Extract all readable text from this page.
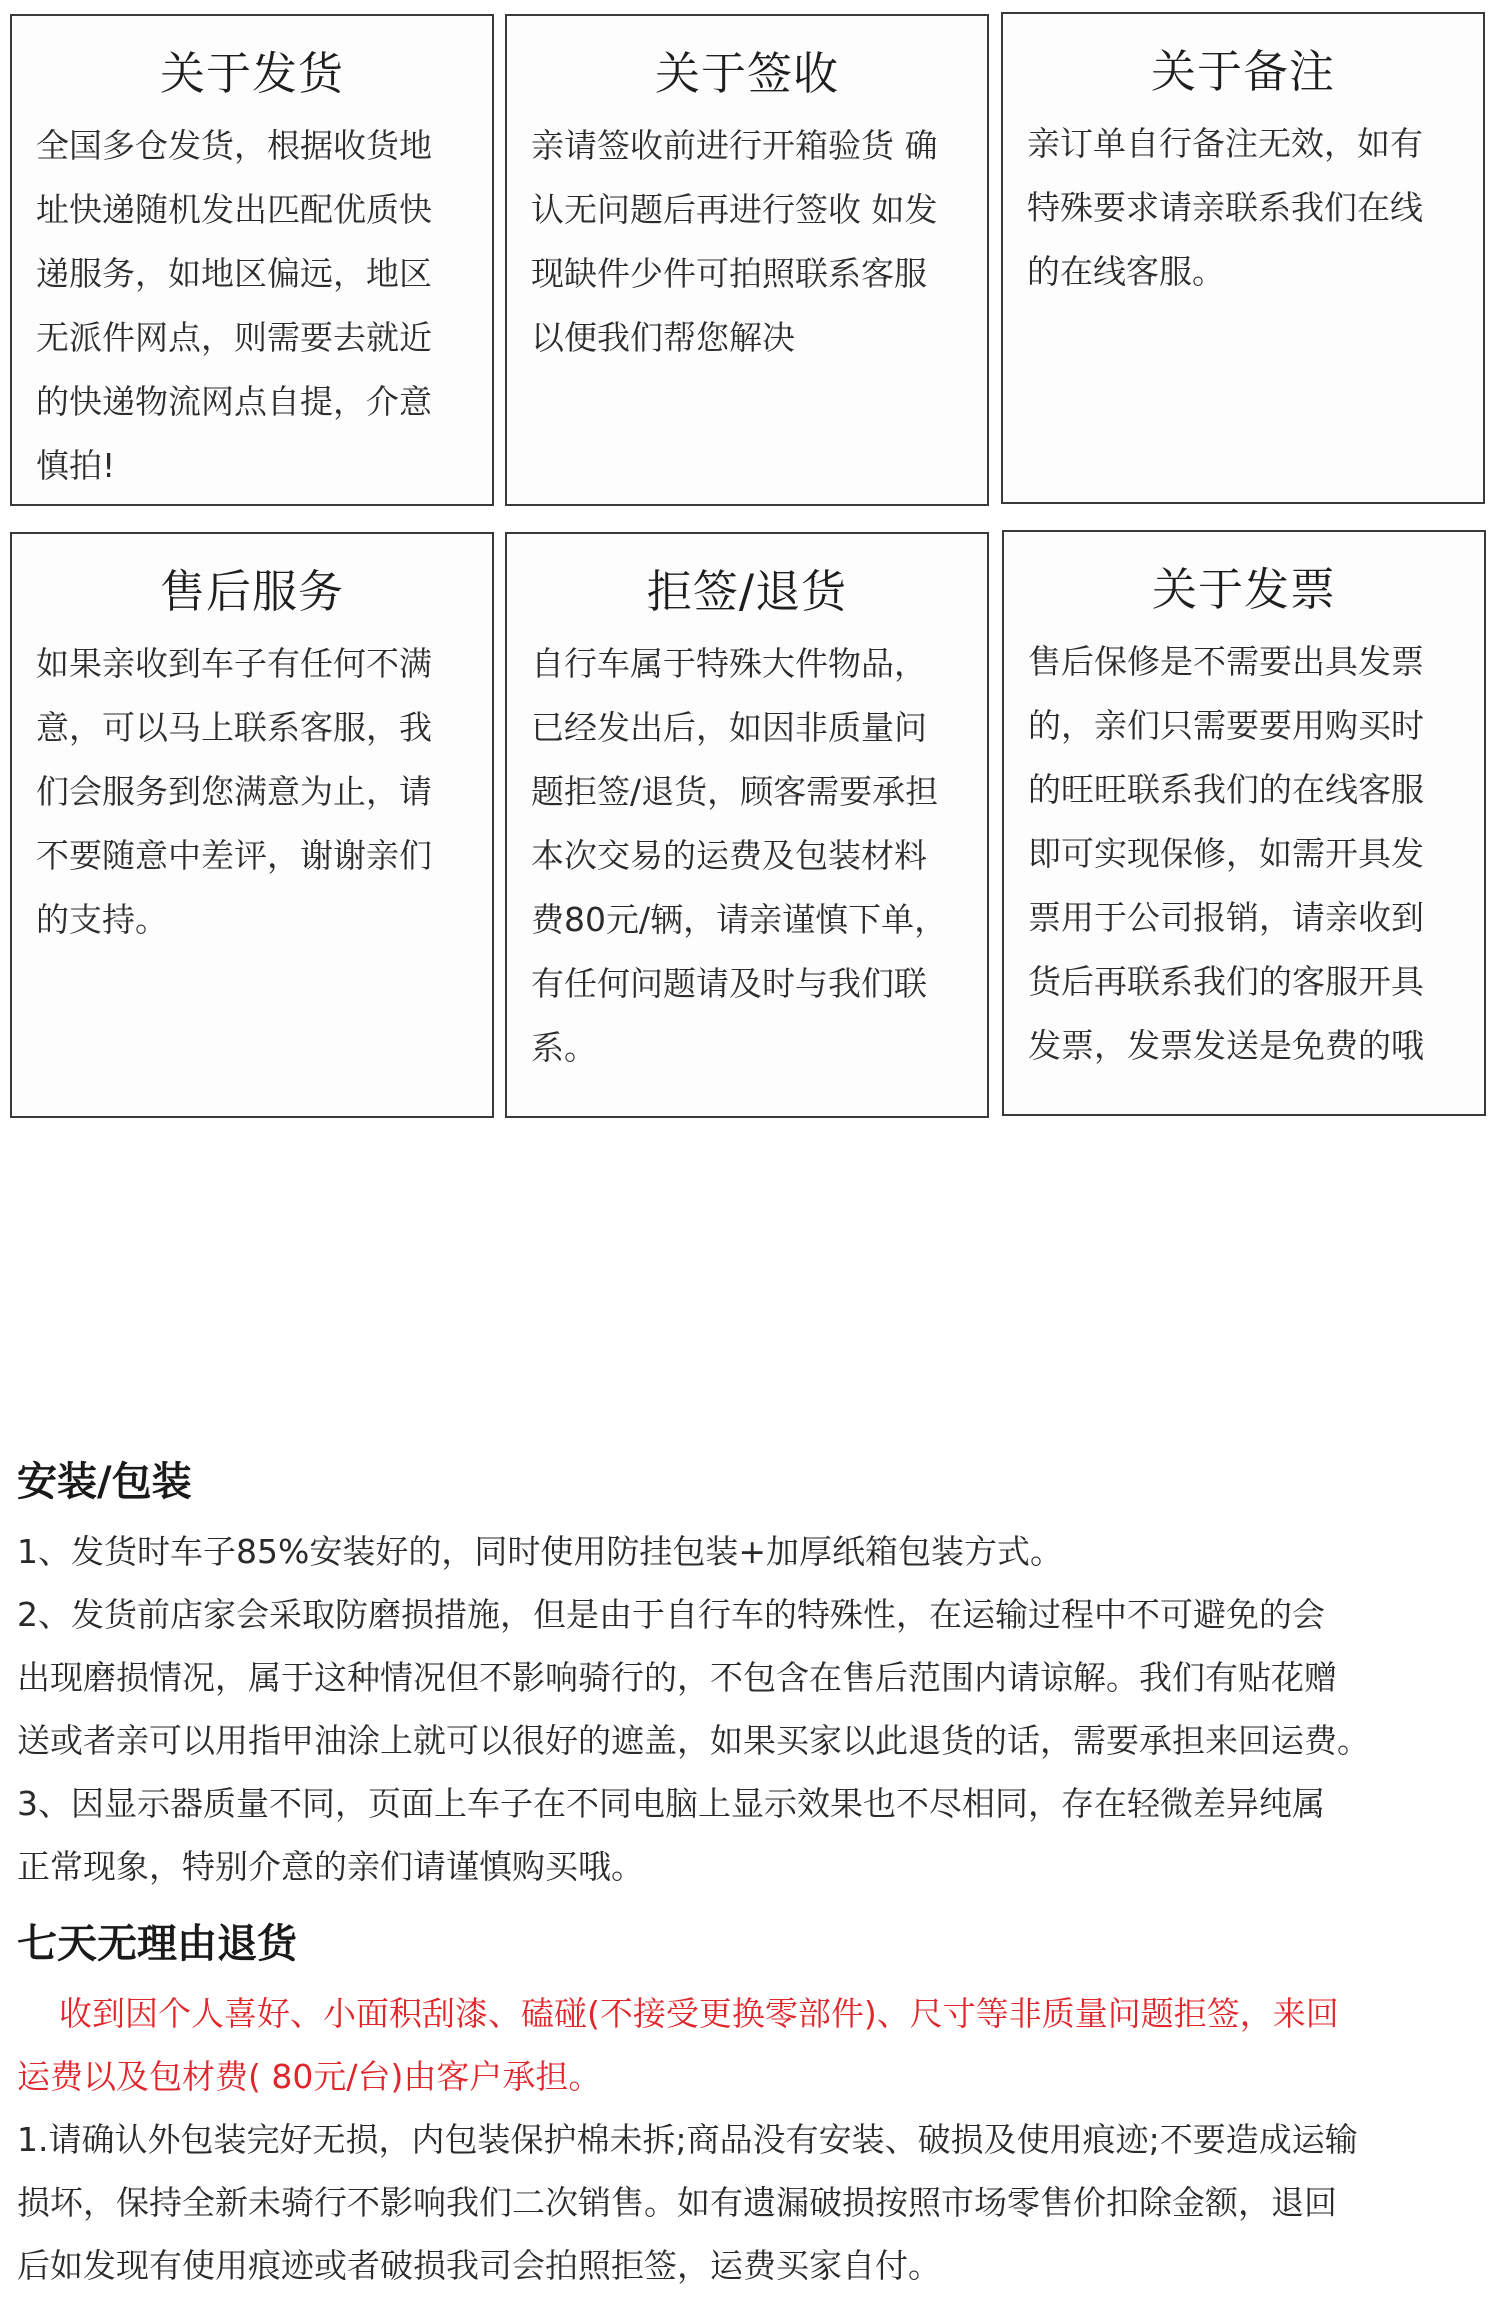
关于发货
全国多仓发货，根据收货地
址快递随机发出匹配优质快
递服务，如地区偏远，地区
无派件网点，则需要去就近
的快递物流网点自提，介意
慎拍!
关于签收
亲请签收前进行开箱验货 确
认无问题后再进行签收 如发
现缺件少件可拍照联系客服
以便我们帮您解决
关于备注
亲订单自行备注无效，如有
特殊要求请亲联系我们在线
的在线客服。
售后服务
如果亲收到车子有任何不满
意，可以马上联系客服，我
们会服务到您满意为止，请
不要随意中差评，谢谢亲们
的支持。
拒签/退货
自行车属于特殊大件物品，
已经发出后，如因非质量问
题拒签/退货，顾客需要承担
本次交易的运费及包装材料
费80元/辆，请亲谨慎下单，
有任何问题请及时与我们联
系。
关于发票
售后保修是不需要出具发票
的，亲们只需要要用购买时
的旺旺联系我们的在线客服
即可实现保修，如需开具发
票用于公司报销，请亲收到
货后再联系我们的客服开具
发票，发票发送是免费的哦
安装/包装
1、发货时车子85%安装好的，同时使用防挂包装+加厚纸箱包装方式。
2、发货前店家会采取防磨损措施，但是由于自行车的特殊性，在运输过程中不可避免的会
出现磨损情况，属于这种情况但不影响骑行的，不包含在售后范围内请谅解。我们有贴花赠
送或者亲可以用指甲油涂上就可以很好的遮盖，如果买家以此退货的话，需要承担来回运费。
3、因显示器质量不同，页面上车子在不同电脑上显示效果也不尽相同，存在轻微差异纯属
正常现象，特别介意的亲们请谨慎购买哦。
七天无理由退货
收到因个人喜好、小面积刮漆、磕碰(不接受更换零部件)、尺寸等非质量问题拒签，来回
运费以及包材费( 80元/台)由客户承担。
1.请确认外包装完好无损，内包装保护棉未拆;商品没有安装、破损及使用痕迹;不要造成运输
损坏，保持全新未骑行不影响我们二次销售。如有遗漏破损按照市场零售价扣除金额，退回
后如发现有使用痕迹或者破损我司会拍照拒签，运费买家自付。
